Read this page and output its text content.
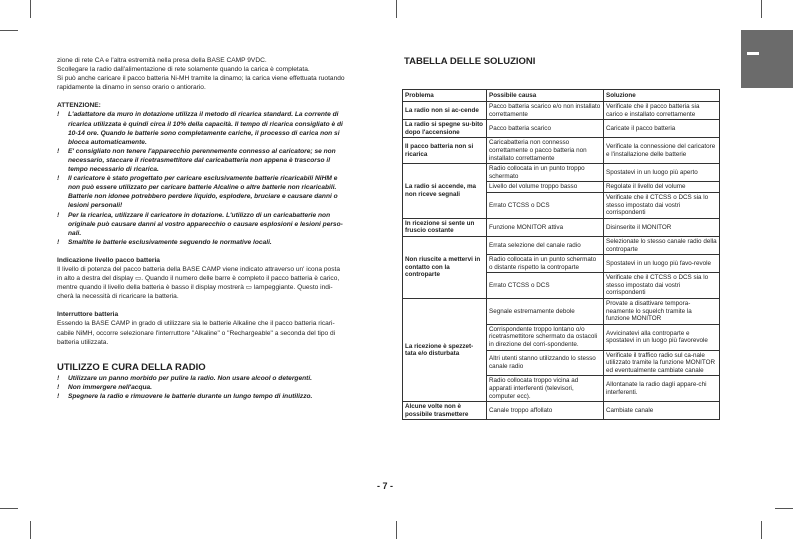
zione di rete CA e l'altra estremità nella presa della BASE CAMP 9VDC.

Scollegare la radio dall'alimentazione di rete solamente quando la carica è completata.

Si può anche caricare il pacco batteria Ni-MH tramite la dinamo; la carica viene effettuata ruotando

rapidamente la dinamo in senso orario o antiorario.

ATTENZIONE:

!	L'adattatore da muro in dotazione utilizza il metodo di ricarica standard. La corrente di

ricarica utilizzata è quindi circa il 10% della capacità. Il tempo di ricarica consigliato è di

10-14 ore. Quando le batterie sono completamente cariche, il processo di carica non si

blocca automaticamente.

!	E' consigliato non tenere l'apparecchio perennemente connesso al caricatore; se non

necessario, staccare il ricetrasmettitore dal caricabatteria non appena è trascorso il

tempo necessario di ricarica.

!	Il caricatore è stato progettato per caricare esclusivamente batterie ricaricabili NiHM e

non può essere utilizzato per caricare batterie Alcaline o altre batterie non ricaricabili.

Batterie non idonee potrebbero perdere liquido, esplodere, bruciare e causare danni o

lesioni personali!

!	Per la ricarica, utilizzare il caricatore in dotazione. L'utilizzo di un caricabatterie non

originale può causare danni al vostro apparecchio o causare esplosioni e lesioni perso-

nali.

!	Smaltite le batterie esclusivamente seguendo le normative locali.

Indicazione livello pacco batteria

Il livello di potenza del pacco batteria della BASE CAMP viene indicato attraverso un' icona posta

in alto a destra del display ▭. Quando il numero delle barre è completo il pacco batteria è carico,

mentre quando il livello della batteria è basso il display mostrerà ▭ lampeggiante. Questo indi-

cherà la necessità di ricaricare la batteria.

Interruttore batteria

Essendo la BASE CAMP in grado di utilizzare sia le batterie Alkaline che il pacco batteria ricari-

cabile NiMH, occorre selezionare l'interruttore "Alkaline" o "Rechargeable" a seconda del tipo di

batteria utilizzata.

UTILIZZO E CURA DELLA RADIO

!	Utilizzare un panno morbido per pulire la radio. Non usare alcool o detergenti.
!	Non immergere nell'acqua.
!	Spegnere la radio e rimuovere le batterie durante un lungo tempo di inutilizzo.
- 7 -
TABELLA DELLE SOLUZIONI
Problema	Possibile causa	Soluzione
La radio non si ac-cende	Pacco batteria scarico e/o non installato correttamente	Verificate che il pacco batteria sia carico e installato correttamente
La radio si spegne su-bito dopo l'accensione	Pacco batteria scarico	Caricate il pacco batteria
Il pacco batteria non si ricarica	Caricabatteria non connesso correttamente o pacco batteria non installato correttamente	Verificate la connessione del caricatore e l'installazione delle batterie
La radio si accende, ma non riceve segnali	Radio collocata in un punto troppo schermato	Spostatevi in un luogo più aperto
	Livello del volume troppo basso	Regolate il livello del volume
	Errato CTCSS o DCS	Verificate che il CTCSS o DCS sia lo stesso impostato dai vostri corrispondenti
In ricezione si sente un fruscio costante	Funzione MONITOR attiva	Disinserite il MONITOR
Non riuscite a mettervi in contatto con la controparte	Errata selezione del canale radio	Selezionate lo stesso canale radio della controparte
	Radio collocata in un punto schermato o distante rispetto la controparte	Spostatevi in un luogo più favo-revole
	Errato CTCSS o DCS	Verificate che il CTCSS o DCS sia lo stesso impostato dai vostri corrispondenti
La ricezione è spezzet-tata e/o disturbata	Segnale estremamente debole	Provate a disattivare tempora-neamente lo squelch tramite la funzione MONITOR
	Corrispondente troppo lontano o/o ricetrasmettitore schermato da ostacoli in direzione del corri-spondente.	Avvicinatevi alla controparte e spostatevi in un luogo più favorevole
	Altri utenti stanno utilizzando lo stesso canale radio	Verificate il traffico radio sul ca-nale utilizzato tramite la funzione MONITOR ed eventualmente cambiate canale
	Radio collocata troppo vicina ad apparati interferenti (televisori, computer ecc).	Allontanate la radio dagli appare-chi interferenti.
Alcune volte non è possibile trasmettere	Canale troppo affollato	Cambiate canale
